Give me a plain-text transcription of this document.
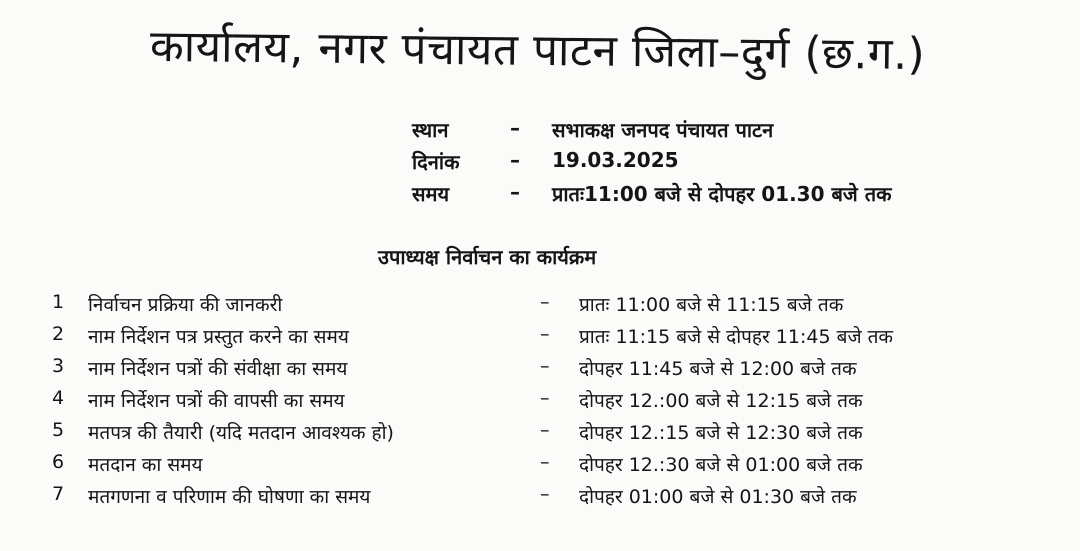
कार्यालय, नगर पंचायत पाटन जिला–दुर्ग (छ.ग.)
स्थान	– सभाकक्ष जनपद पंचायत पाटन
दिनांक	– 19.03.2025
समय	– प्रातः11:00 बजे से दोपहर 01.30 बजे तक
उपाध्यक्ष निर्वाचन का कार्यक्रम
1	निर्वाचन प्रक्रिया की जानकरी	– प्रातः 11:00 बजे से 11:15 बजे तक
2	नाम निर्देशन पत्र प्रस्तुत करने का समय	– प्रातः 11:15 बजे से दोपहर 11:45 बजे तक
3	नाम निर्देशन पत्रों की संवीक्षा का समय	– दोपहर 11:45 बजे से 12:00 बजे तक
4	नाम निर्देशन पत्रों की वापसी का समय	– दोपहर 12.:00 बजे से 12:15 बजे तक
5	मतपत्र की तैयारी (यदि मतदान आवश्यक हो)	– दोपहर 12.:15 बजे से 12:30 बजे तक
6	मतदान का समय	– दोपहर 12.:30 बजे से 01:00 बजे तक
7	मतगणना व परिणाम की घोषणा का समय	– दोपहर 01:00 बजे से 01:30 बजे तक
